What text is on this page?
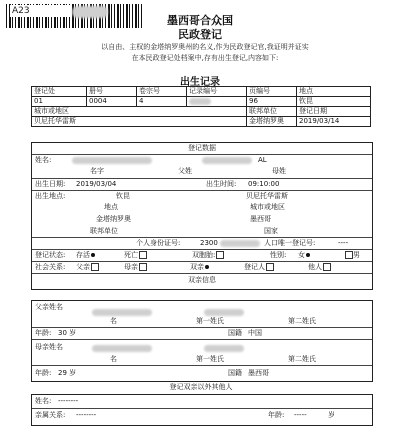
A23
墨西哥合众国
民政登记
以自由、主权的金塔纳罗奥州的名义,作为民政登记官,我证明并证实
在本民政登记处档案中,存有出生登记,内容如下:
出生记录
登记处	册号	卷宗号	记录编号	页编号	地点
01	0004	4		96	钦昆
城市或地区				联邦单位	登记日期
贝尼托华雷斯				金塔纳罗奥	2019/03/14
登记数据
姓名:	AL
名字	父姓	母姓
出生日期: 2019/03/04	出生时间: 09:10:00
出生地点:	钦昆	贝尼托华雷斯
地点	城市或地区
金塔纳罗奥	墨西哥
联邦单位	国家
个人身份证号:	2300	人口唯一登记号:	----
登记状态: 存活	死亡	双胞胎:	性别: 女	男
社会关系: 父亲	母亲	双亲	登记人	他人
双亲信息
父亲姓名
名	第一姓氏	第二姓氏
年龄: 30 岁	国籍 中国
母亲姓名
名	第一姓氏	第二姓氏
年龄: 29 岁	国籍 墨西哥
登记双亲以外其他人
姓名: --------
亲属关系: --------	年龄: -----	岁
